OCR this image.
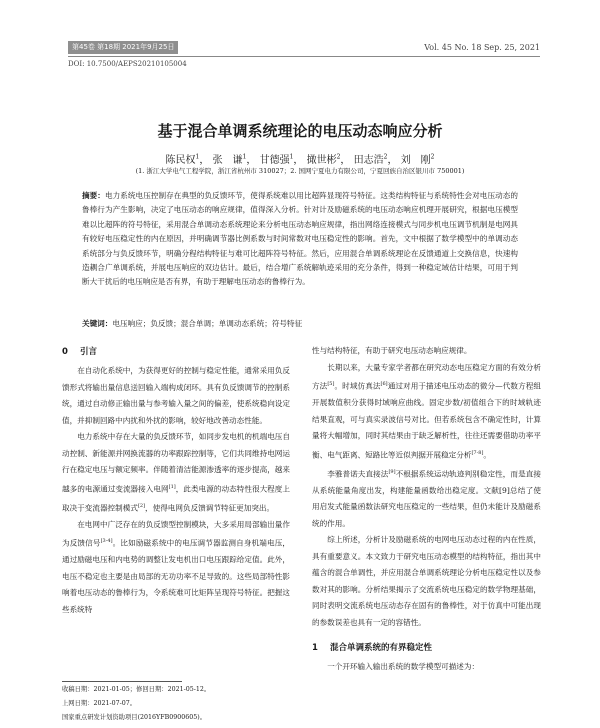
第45卷 第18期 2021年9月25日	Vol. 45 No. 18 Sep. 25, 2021
DOI: 10.7500/AEPS20210105004
基于混合单调系统理论的电压动态响应分析
陈民权$^1$， 张　谦$^1$， 甘德强$^1$， 撖世彬$^2$， 田志浩$^2$， 刘　刚$^2$
(1. 浙江大学电气工程学院，浙江省杭州市 310027；2. 国网宁夏电力有限公司，宁夏回族自治区银川市 750001)
摘要：电力系统电压控制存在典型的负反馈环节，使得系统难以用比超阵显现符号特征。这类结构特征与系统特性会对电压动态的鲁棒行为产生影响，决定了电压动态的响应规律，值得深入分析。针对计及励磁系统的电压动态响应机理开展研究，根据电压模型难以比超阵的符号特征，采用混合单调动态系统理论来分析电压动态响应规律，指出网络连接模式与同步机电压调节机制是电网具有较好电压稳定性的内在原因，并明确调节器比例系数与时间常数对电压稳定性的影响。首先，文中根据了数学模型中的单调动态系统部分与负反馈环节，明确分程结构特征与难可比超阵符号特征。然后，应用混合单调系统理论在反馈通道上交换信息，快速构造耦合广单调系统，并展电压响应的双边估计。最后，结合增广系统解轨迹采用的充分条件，得到一种稳定域估计结果，可用于判断大干扰后的电压响应是否有界，有助于理解电压动态的鲁棒行为。
关键词：电压响应；负反馈；混合单调；单调动态系统；符号特征
0 引言

在自动化系统中，为获得更好的控制与稳定性能，通常采用负反馈形式将输出量信息送回输入端构成闭环。具有负反馈调节的控制系统，通过自动修正输出量与参考输入量之间的偏差，使系统稳向设定值，并抑制回路中内扰和外扰的影响，较好地改善动态性能。

电力系统中存在大量的负反馈环节，如同步发电机的机端电压自动控制、新能源并网换流器的功率跟踪控制等，它们共同维持电网运行在稳定电压与额定频率。伴随着清洁能源渗透率的逐步提高，越来越多的电源通过变流器接入电网[1]，此类电源的动态特性很大程度上取决于变流器控制模式[2]，使得电网负反馈调节特征更加突出。

在电网中广泛存在的负反馈型控制模块，大多采用局部输出量作为反馈信号[3-4]。比如励磁系统中的电压调节器监测自身机端电压，通过励磁电压和内电势的调整让发电机出口电压跟踪给定值。此外，电压不稳定也主要是由局部的无功功率不足导致的。这些局部特性影响着电压动态的鲁棒行为，令系统难可比矩阵呈现符号特征。把握这些系统特

性与结构特征，有助于研究电压动态响应规律。

长期以来，大量专家学者都在研究动态电压稳定方面的有效分析方法[5]。时域仿真法[6]通过对用于描述电压动态的微分—代数方程组开展数值积分获得时域响应曲线。固定步数/初值组合下的时域轨迹结果直观，可与真实录波信号对比。但若系统包含不确定性时，计算量将大幅增加，同时其结果由于缺乏解析性，往往还需要借助功率平衡、电气距离、短路比等近似判据开展稳定分析[7-8]。

李雅普诺夫直接法[9]不根据系统运动轨迹判别稳定性，而是直接从系统能量角度出发，构建能量函数给出稳定度。文献[9]总结了使用启发式能量函数法研究电压稳定的一些结果，但仍未能计及励磁系统的作用。

综上所述，分析计及励磁系统的电网电压动态过程的内在性质，具有重要意义。本文致力于研究电压动态模型的结构特征，指出其中蕴含的混合单调性，并应用混合单调系统理论分析电压稳定性以及参数对其的影响。分析结果揭示了交流系统电压稳定的数学物理基础，同时表明交流系统电压动态存在固有的鲁棒性，对于仿真中可能出现的参数误差也具有一定的容错性。

1 混合单调系统的有界稳定性

一个开环输入输出系统的数学模型可描述为：

收稿日期：2021-01-05；修回日期：2021-05-12。
上网日期：2021-07-07。
国家重点研发计划资助项目(2016YFB0900605)。
